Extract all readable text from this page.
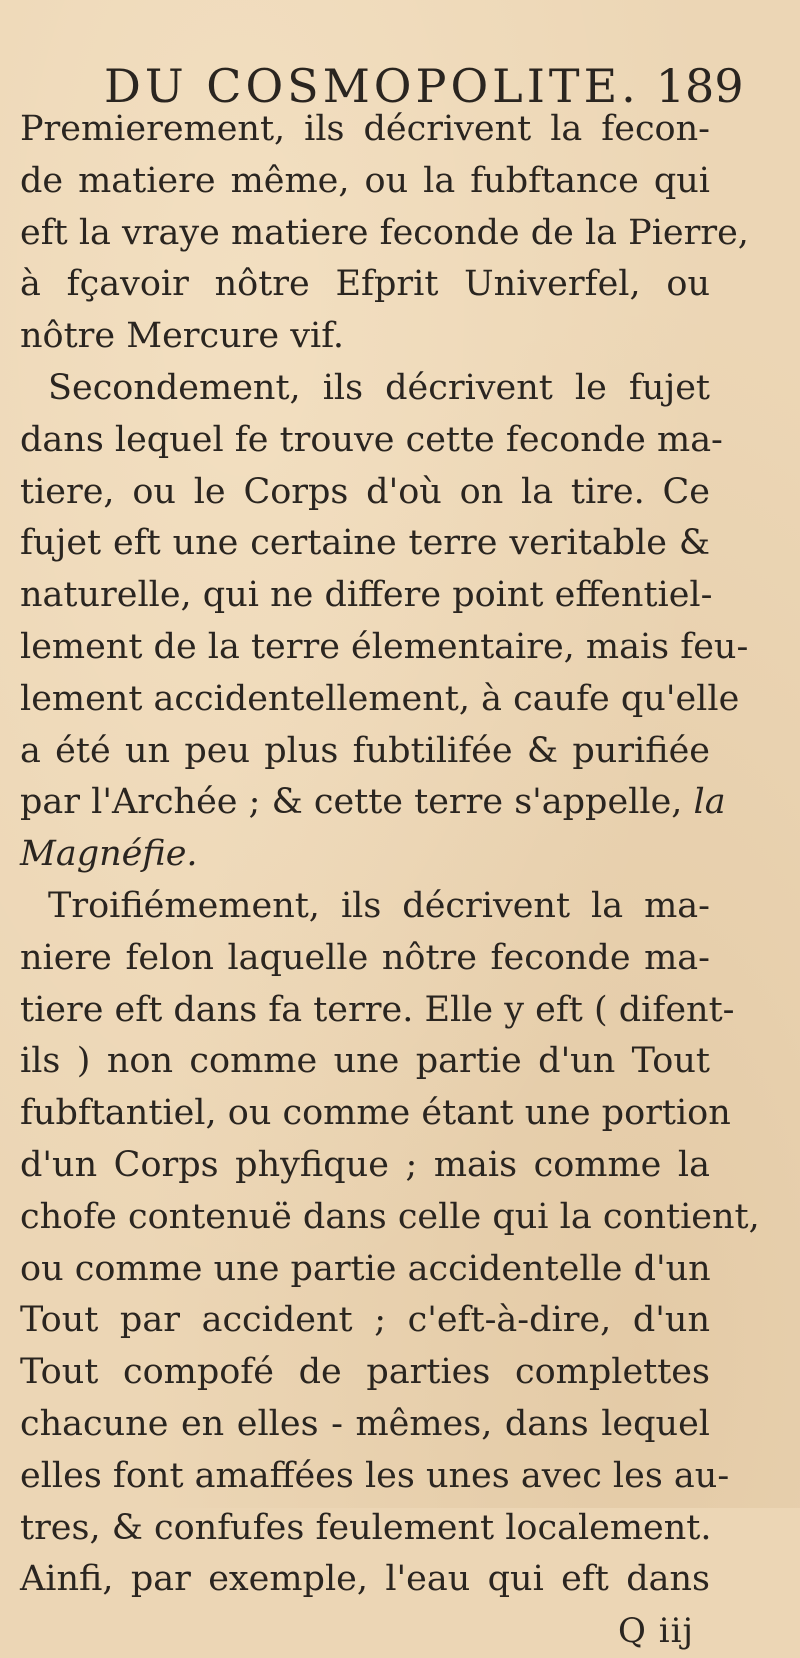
DU COSMOPOLITE. 189
Premierement, ils décrivent la fecon-
de matiere même, ou la fubftance qui
eft la vraye matiere feconde de la Pierre,
à fçavoir nôtre Efprit Univerfel, ou
nôtre Mercure vif.
Secondement, ils décrivent le fujet
dans lequel fe trouve cette feconde ma-
tiere, ou le Corps d'où on la tire. Ce
fujet eft une certaine terre veritable &
naturelle, qui ne differe point effentiel-
lement de la terre élementaire, mais feu-
lement accidentellement, à caufe qu'elle
a été un peu plus fubtilifée & purifiée
par l'Archée ; & cette terre s'appelle, la
Magnéfie.
Troifiémement, ils décrivent la ma-
niere felon laquelle nôtre feconde ma-
tiere eft dans fa terre. Elle y eft ( difent-
ils ) non comme une partie d'un Tout
fubftantiel, ou comme étant une portion
d'un Corps phyfique ; mais comme la
chofe contenuë dans celle qui la contient,
ou comme une partie accidentelle d'un
Tout par accident ; c'eft-à-dire, d'un
Tout compofé de parties complettes
chacune en elles - mêmes, dans lequel
elles font amaffées les unes avec les au-
tres, & confufes feulement localement.
Ainfi, par exemple, l'eau qui eft dans
Q iij
